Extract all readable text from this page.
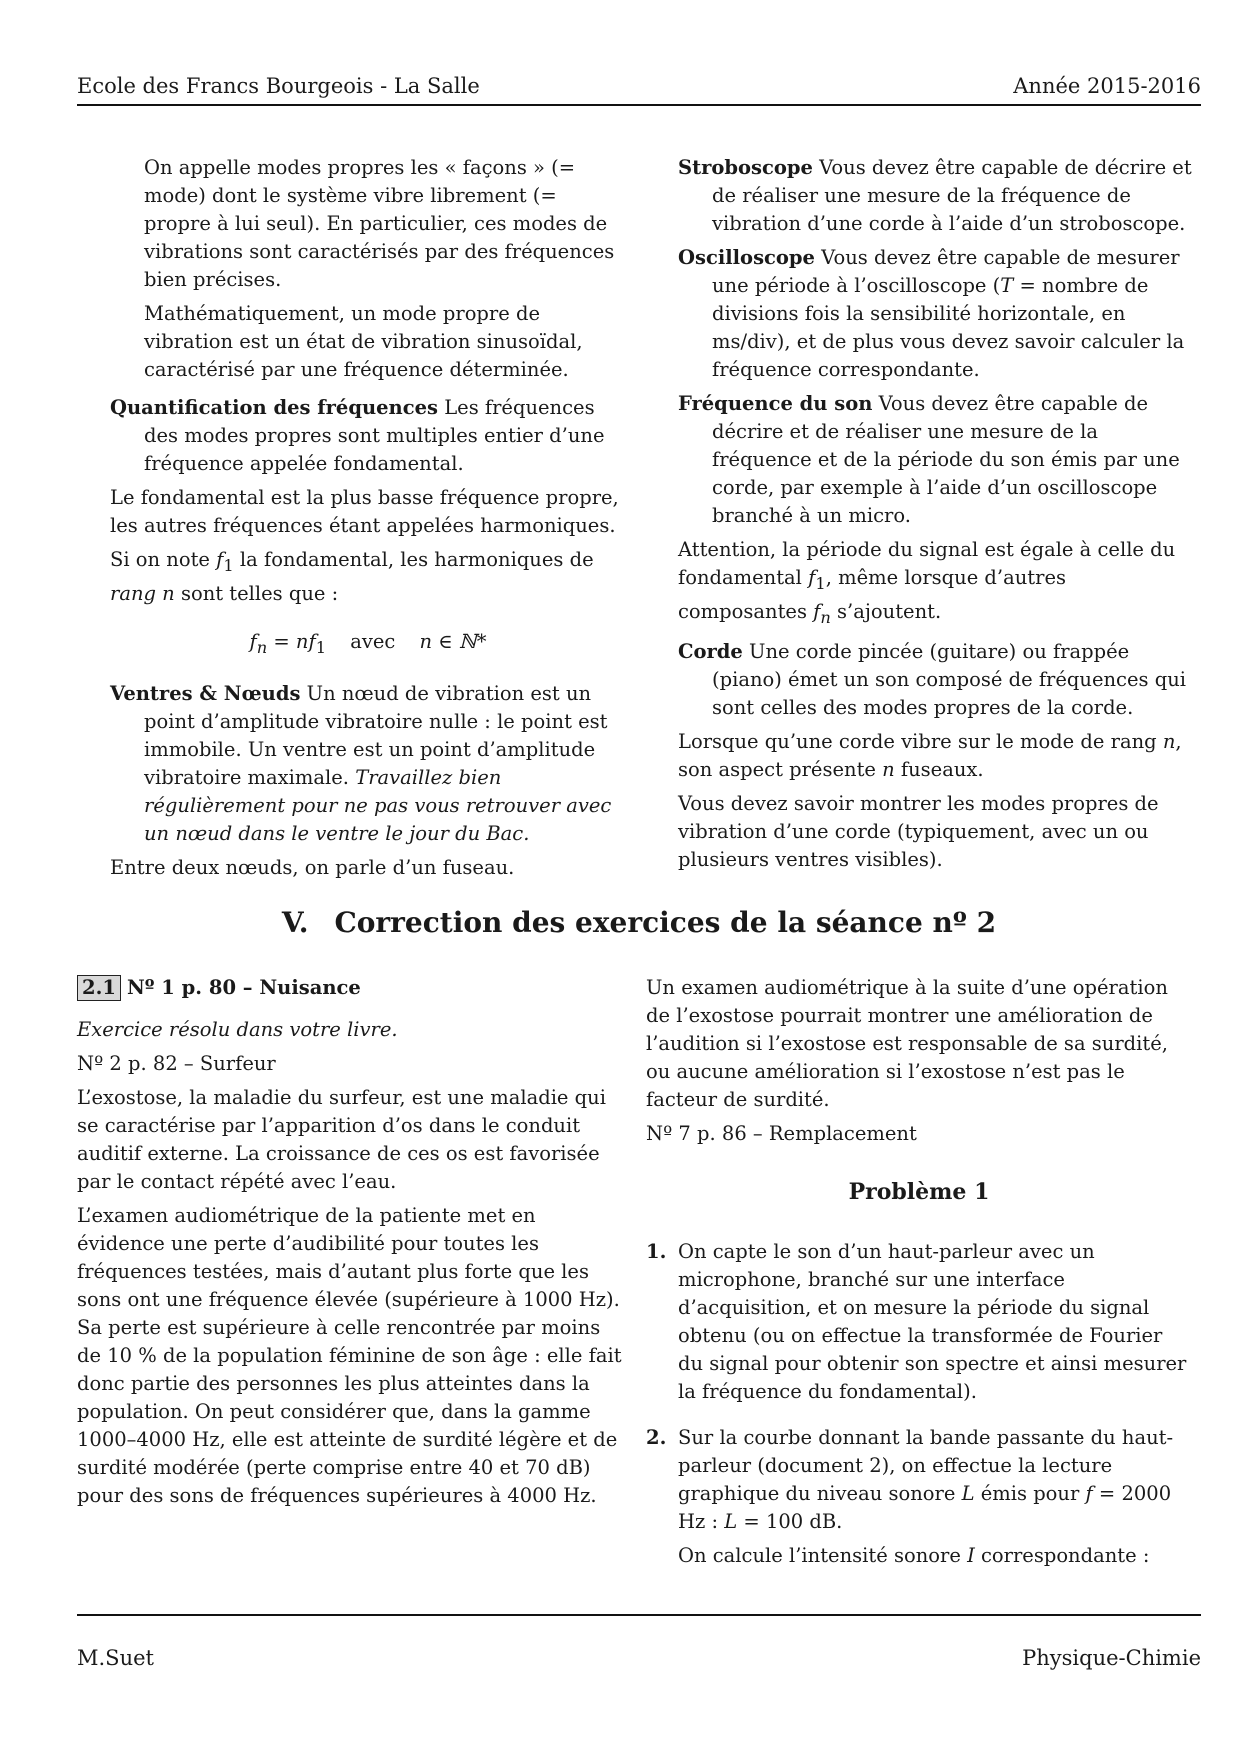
Ecole des Francs Bourgeois - La Salle	Année 2015-2016

On appelle modes propres les « façons » (= mode) dont le système vibre librement (= propre à lui seul). En particulier, ces modes de vibrations sont caractérisés par des fréquences bien précises.

Mathématiquement, un mode propre de vibration est un état de vibration sinusoïdal, caractérisé par une fréquence déterminée.

Quantification des fréquences Les fréquences des modes propres sont multiples entier d’une fréquence appelée fondamental.

Le fondamental est la plus basse fréquence propre, les autres fréquences étant appelées harmoniques.

Si on note $f_1$ la fondamental, les harmoniques de rang n sont telles que :

$f_n = nf_1$ avec n ∈ ℕ*

Ventres & Nœuds Un nœud de vibration est un point d’amplitude vibratoire nulle : le point est immobile. Un ventre est un point d’amplitude vibratoire maximale. Travaillez bien régulièrement pour ne pas vous retrouver avec un nœud dans le ventre le jour du Bac.

Entre deux nœuds, on parle d’un fuseau.

Stroboscope Vous devez être capable de décrire et de réaliser une mesure de la fréquence de vibration d’une corde à l’aide d’un stroboscope.

Oscilloscope Vous devez être capable de mesurer une période à l’oscilloscope (T = nombre de divisions fois la sensibilité horizontale, en ms/div), et de plus vous devez savoir calculer la fréquence correspondante.

Fréquence du son Vous devez être capable de décrire et de réaliser une mesure de la fréquence et de la période du son émis par une corde, par exemple à l’aide d’un oscilloscope branché à un micro.

Attention, la période du signal est égale à celle du fondamental $f_1$, même lorsque d’autres composantes $f_n$ s’ajoutent.

Corde Une corde pincée (guitare) ou frappée (piano) émet un son composé de fréquences qui sont celles des modes propres de la corde.

Lorsque qu’une corde vibre sur le mode de rang n, son aspect présente n fuseaux.

Vous devez savoir montrer les modes propres de vibration d’une corde (typiquement, avec un ou plusieurs ventres visibles).

V. Correction des exercices de la séance nº 2
2.1 Nº 1 p. 80 – Nuisance

Exercice résolu dans votre livre.

Nº 2 p. 82 – Surfeur

L’exostose, la maladie du surfeur, est une maladie qui se caractérise par l’apparition d’os dans le conduit auditif externe. La croissance de ces os est favorisée par le contact répété avec l’eau.

L’examen audiométrique de la patiente met en évidence une perte d’audibilité pour toutes les fréquences testées, mais d’autant plus forte que les sons ont une fréquence élevée (supérieure à 1000 Hz). Sa perte est supérieure à celle rencontrée par moins de 10 % de la population féminine de son âge : elle fait donc partie des personnes les plus atteintes dans la population. On peut considérer que, dans la gamme 1000–4000 Hz, elle est atteinte de surdité légère et de surdité modérée (perte comprise entre 40 et 70 dB) pour des sons de fréquences supérieures à 4000 Hz.

Un examen audiométrique à la suite d’une opération de l’exostose pourrait montrer une amélioration de l’audition si l’exostose est responsable de sa surdité, ou aucune amélioration si l’exostose n’est pas le facteur de surdité.

Nº 7 p. 86 – Remplacement

Problème 1
1. On capte le son d’un haut-parleur avec un microphone, branché sur une interface d’acquisition, et on mesure la période du signal obtenu (ou on effectue la transformée de Fourier du signal pour obtenir son spectre et ainsi mesurer la fréquence du fondamental).

2. Sur la courbe donnant la bande passante du haut-parleur (document 2), on effectue la lecture graphique du niveau sonore L émis pour f = 2000 Hz : L = 100 dB.

On calcule l’intensité sonore I correspondante :

M.Suet	Physique-Chimie
